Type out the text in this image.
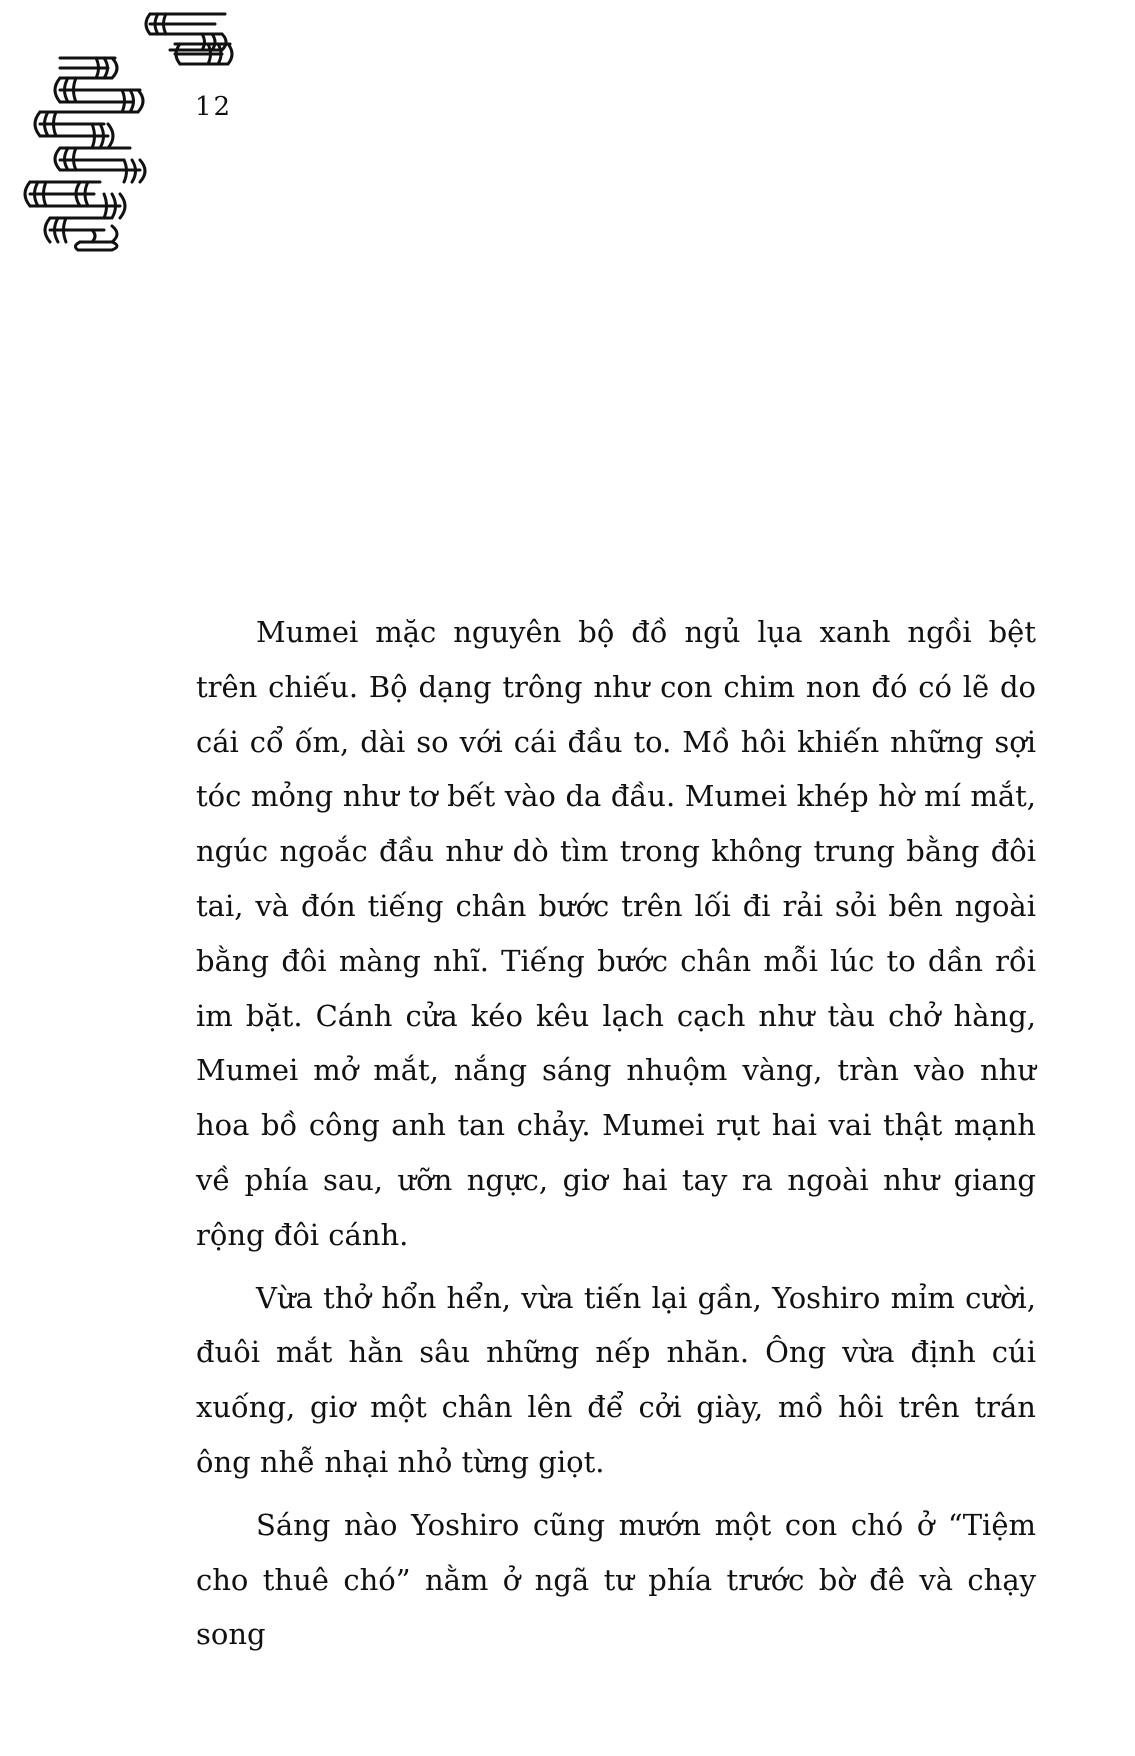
12

Mumei mặc nguyên bộ đồ ngủ lụa xanh ngồi bệt trên chiếu. Bộ dạng trông như con chim non đó có lẽ do cái cổ ốm, dài so với cái đầu to. Mồ hôi khiến những sợi tóc mỏng như tơ bết vào da đầu. Mumei khép hờ mí mắt, ngúc ngoắc đầu như dò tìm trong không trung bằng đôi tai, và đón tiếng chân bước trên lối đi rải sỏi bên ngoài bằng đôi màng nhĩ. Tiếng bước chân mỗi lúc to dần rồi im bặt. Cánh cửa kéo kêu lạch cạch như tàu chở hàng, Mumei mở mắt, nắng sáng nhuộm vàng, tràn vào như hoa bồ công anh tan chảy. Mumei rụt hai vai thật mạnh về phía sau, ưỡn ngực, giơ hai tay ra ngoài như giang rộng đôi cánh.

Vừa thở hổn hển, vừa tiến lại gần, Yoshiro mỉm cười, đuôi mắt hằn sâu những nếp nhăn. Ông vừa định cúi xuống, giơ một chân lên để cởi giày, mồ hôi trên trán ông nhễ nhại nhỏ từng giọt.

Sáng nào Yoshiro cũng mướn một con chó ở “Tiệm cho thuê chó” nằm ở ngã tư phía trước bờ đê và chạy song
